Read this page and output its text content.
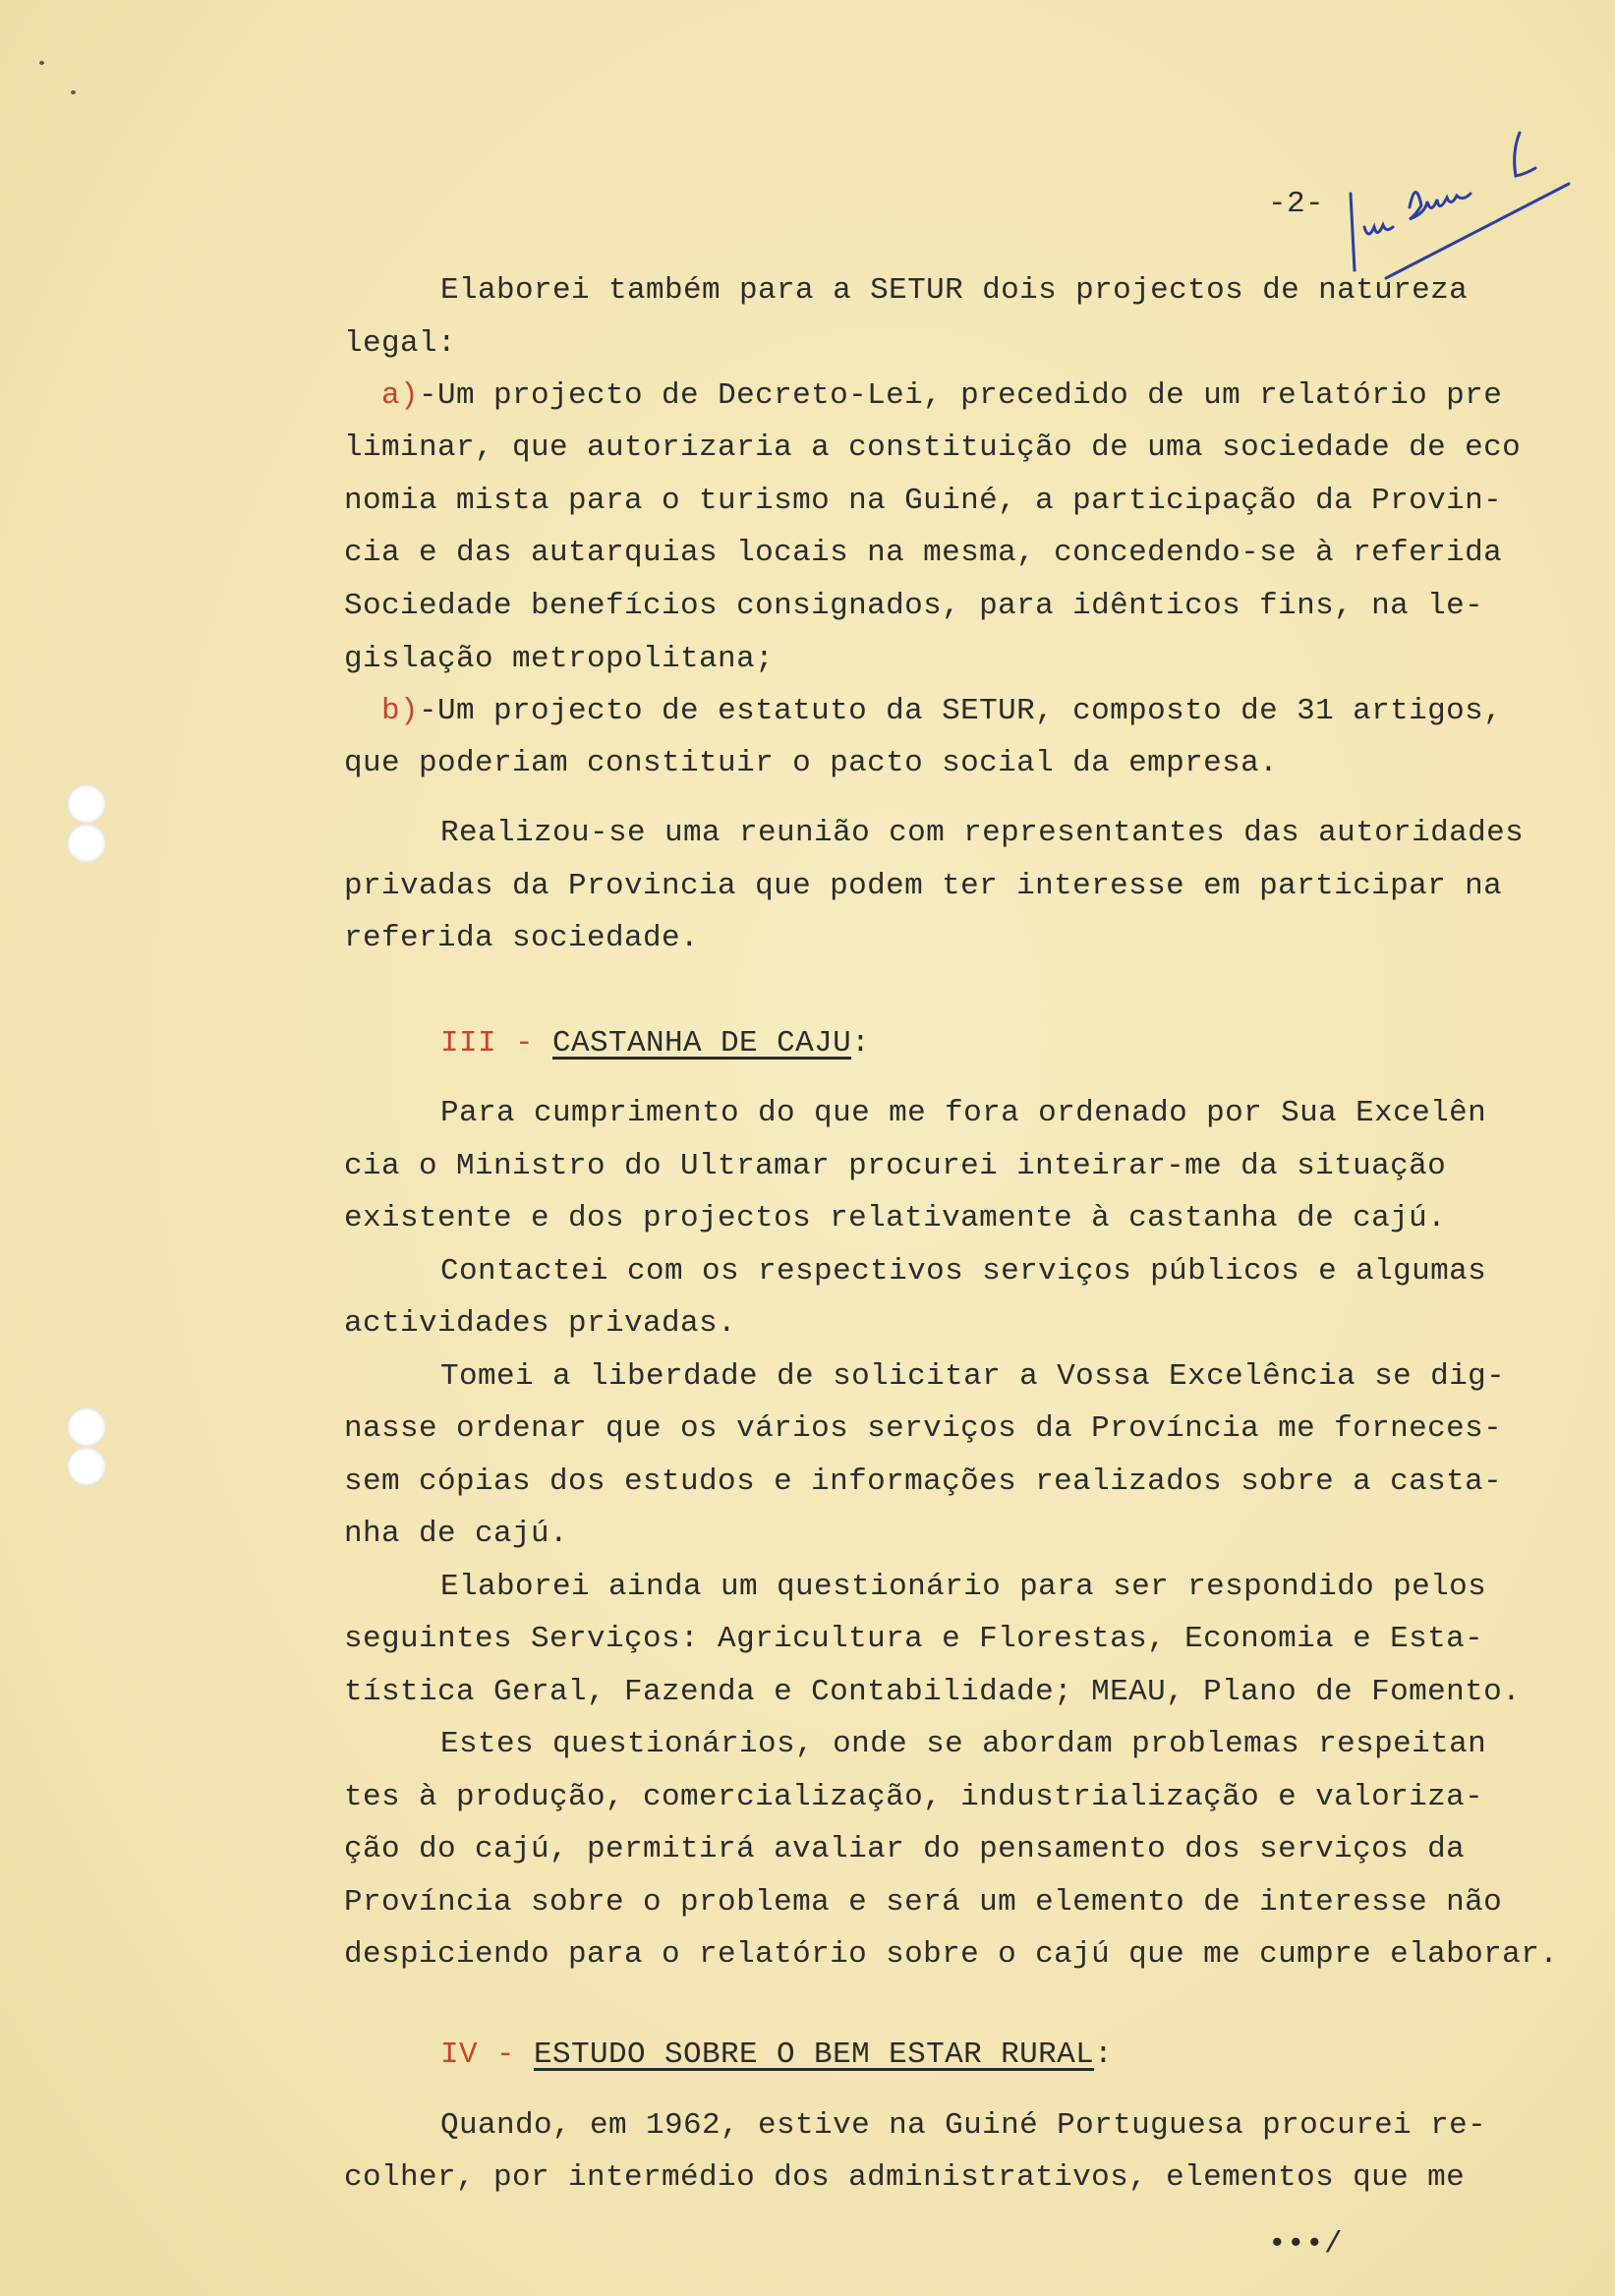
-2-
Elaborei também para a SETUR dois projectos de natureza
legal:
a)-Um projecto de Decreto-Lei, precedido de um relatório pre
liminar, que autorizaria a constituição de uma sociedade de eco
nomia mista para o turismo na Guiné, a participação da Provin-
cia e das autarquias locais na mesma, concedendo-se à referida
Sociedade benefícios consignados, para idênticos fins, na le-
gislação metropolitana;
b)-Um projecto de estatuto da SETUR, composto de 31 artigos,
que poderiam constituir o pacto social da empresa.
Realizou-se uma reunião com representantes das autoridades
privadas da Provincia que podem ter interesse em participar na
referida sociedade.
III - CASTANHA DE CAJU:
Para cumprimento do que me fora ordenado por Sua Excelên
cia o Ministro do Ultramar procurei inteirar-me da situação
existente e dos projectos relativamente à castanha de cajú.
Contactei com os respectivos serviços públicos e algumas
actividades privadas.
Tomei a liberdade de solicitar a Vossa Excelência se dig-
nasse ordenar que os vários serviços da Província me forneces-
sem cópias dos estudos e informações realizados sobre a casta-
nha de cajú.
Elaborei ainda um questionário para ser respondido pelos
seguintes Serviços: Agricultura e Florestas, Economia e Esta-
tística Geral, Fazenda e Contabilidade; MEAU, Plano de Fomento.
Estes questionários, onde se abordam problemas respeitan
tes à produção, comercialização, industrialização e valoriza-
ção do cajú, permitirá avaliar do pensamento dos serviços da
Província sobre o problema e será um elemento de interesse não
despiciendo para o relatório sobre o cajú que me cumpre elaborar.
IV - ESTUDO SOBRE O BEM ESTAR RURAL:
Quando, em 1962, estive na Guiné Portuguesa procurei re-
colher, por intermédio dos administrativos, elementos que me
•••/
